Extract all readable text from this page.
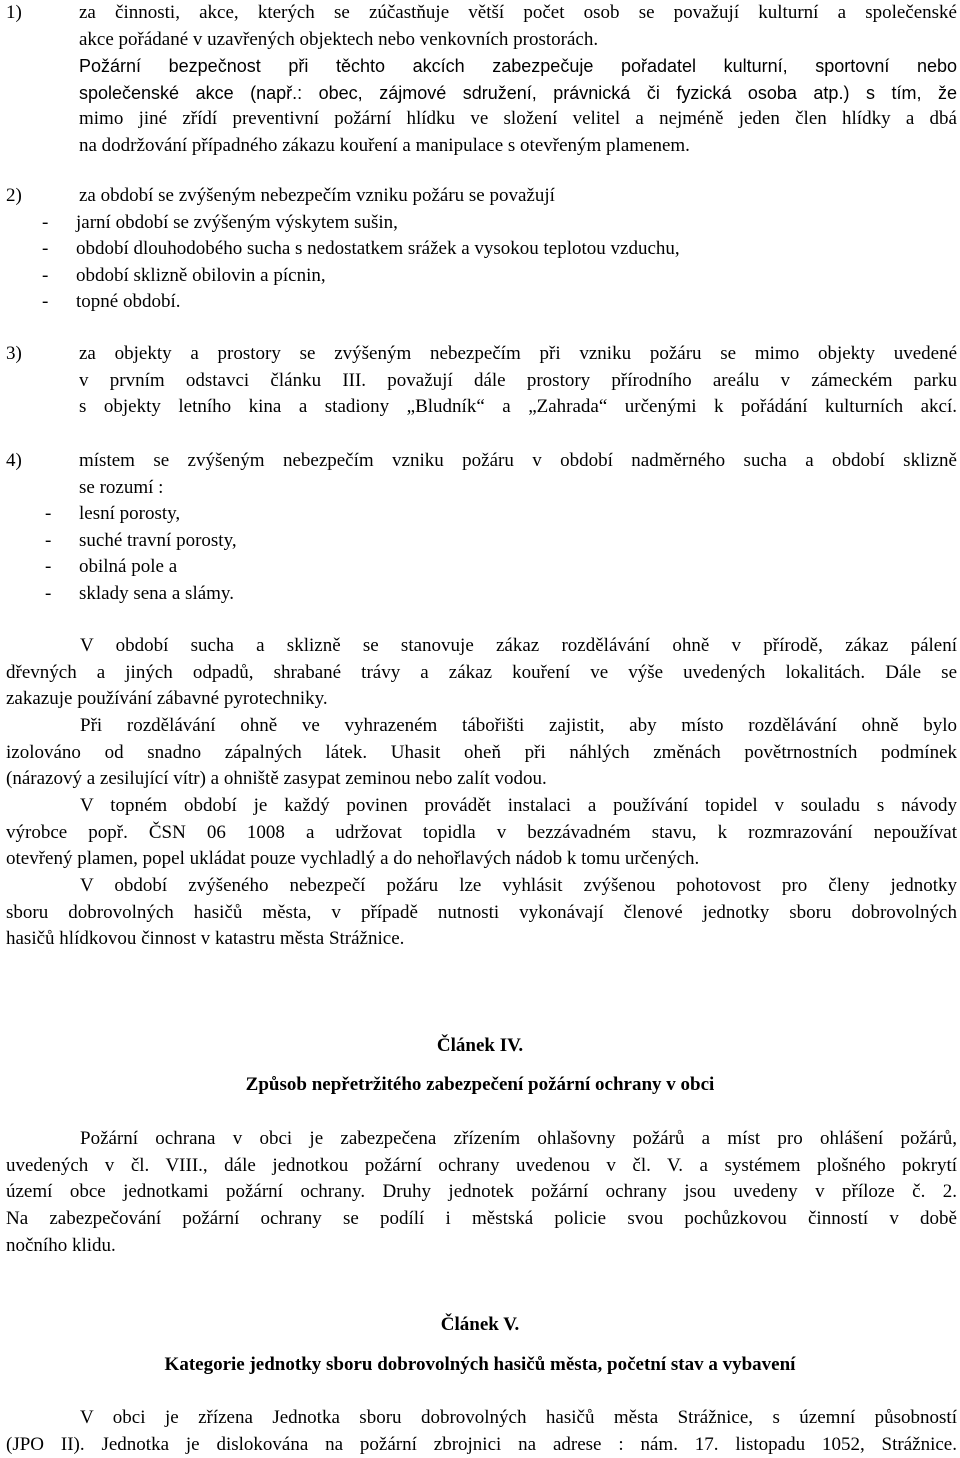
1)	za činnosti, akce, kterých se zúčastňuje větší počet osob se považují kulturní a společenské
akce pořádané v uzavřených objektech nebo venkovních prostorách.
Požární bezpečnost při těchto akcích zabezpečuje pořadatel kulturní, sportovní nebo
společenské akce (např.: obec, zájmové sdružení, právnická či fyzická osoba atp.) s tím, že
mimo jiné zřídí preventivní požární hlídku ve složení velitel a nejméně jeden člen hlídky a dbá
na dodržování případného zákazu kouření a manipulace s otevřeným plamenem.
2)	za období se zvýšeným nebezpečím vzniku požáru se považují
- jarní období se zvýšeným výskytem sušin,
- období dlouhodobého sucha s nedostatkem srážek a vysokou teplotou vzduchu,
- období sklizně obilovin a pícnin,
- topné období.
3)	za objekty a prostory se zvýšeným nebezpečím při vzniku požáru se mimo objekty uvedené
v prvním odstavci článku III. považují dále prostory přírodního areálu v zámeckém parku
s objekty letního kina a stadiony „Bludník“ a „Zahrada“ určenými k pořádání kulturních akcí.
4)	místem se zvýšeným nebezpečím vzniku požáru v období nadměrného sucha a období sklizně
se rozumí :
- lesní porosty,
- suché travní porosty,
- obilná pole a
- sklady sena a slámy.
V období sucha a sklizně se stanovuje zákaz rozdělávání ohně v přírodě, zákaz pálení
dřevných a jiných odpadů, shrabané trávy a zákaz kouření ve výše uvedených lokalitách. Dále se
zakazuje používání zábavné pyrotechniky.
Při rozdělávání ohně ve vyhrazeném tábořišti zajistit, aby místo rozdělávání ohně bylo
izolováno od snadno zápalných látek. Uhasit oheň při náhlých změnách povětrnostních podmínek
(nárazový a zesilující vítr) a ohniště zasypat zeminou nebo zalít vodou.
V topném období je každý povinen provádět instalaci a používání topidel v souladu s návody
výrobce popř. ČSN 06 1008 a udržovat topidla v bezzávadném stavu, k rozmrazování nepoužívat
otevřený plamen, popel ukládat pouze vychladlý a do nehořlavých nádob k tomu určených.
V období zvýšeného nebezpečí požáru lze vyhlásit zvýšenou pohotovost pro členy jednotky
sboru dobrovolných hasičů města, v případě nutnosti vykonávají členové jednotky sboru dobrovolných
hasičů hlídkovou činnost v katastru města Strážnice.
Článek IV.
Způsob nepřetržitého zabezpečení požární ochrany v obci
Požární ochrana v obci je zabezpečena zřízením ohlašovny požárů a míst pro ohlášení požárů,
uvedených v čl. VIII., dále jednotkou požární ochrany uvedenou v čl. V. a systémem plošného pokrytí
území obce jednotkami požární ochrany. Druhy jednotek požární ochrany jsou uvedeny v příloze č. 2.
Na zabezpečování požární ochrany se podílí i městská policie svou pochůzkovou činností v době
nočního klidu.
Článek V.
Kategorie jednotky sboru dobrovolných hasičů města, početní stav a vybavení
V obci je zřízena Jednotka sboru dobrovolných hasičů města Strážnice, s územní působností
(JPO II). Jednotka je dislokována na požární zbrojnici na adrese : nám. 17. listopadu 1052, Strážnice.
